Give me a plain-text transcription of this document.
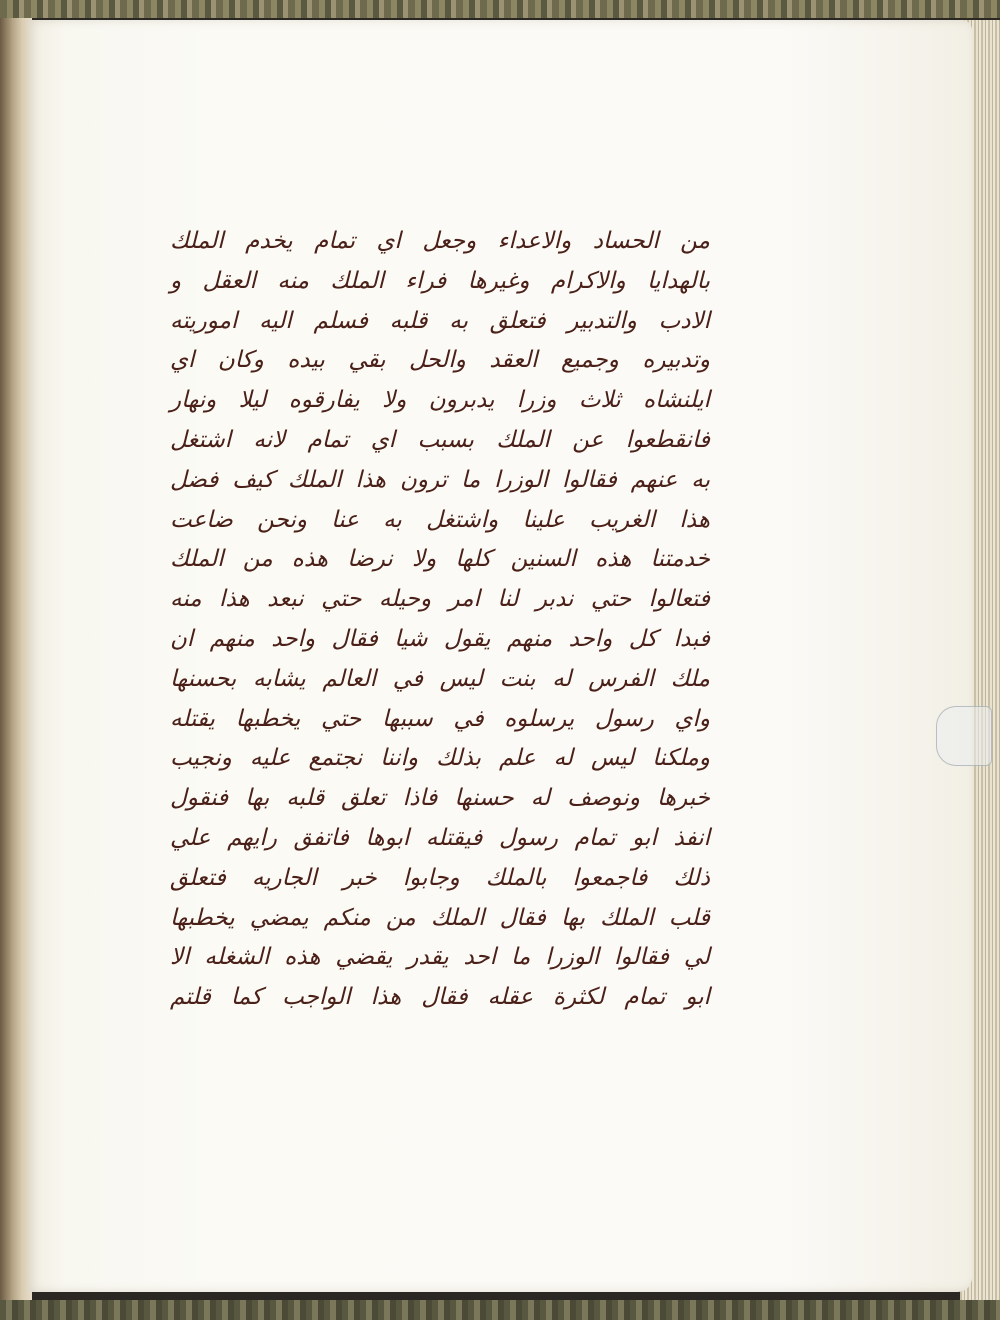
من الحساد والاعداء وجعل اي تمام يخدم الملك
بالهدايا والاكرام وغيرها فراء الملك منه العقل و
الادب والتدبير فتعلق به قلبه فسلم اليه اموريته
وتدبيره وجميع العقد والحل بقي بيده وكان اي
ايلنشاه ثلاث وزرا يدبرون ولا يفارقوه ليلا ونهار
فانقطعوا عن الملك بسبب اي تمام لانه اشتغل
به عنهم فقالوا الوزرا ما ترون هذا الملك كيف فضل
هذا الغريب علينا واشتغل به عنا ونحن ضاعت
خدمتنا هذه السنين كلها ولا نرضا هذه من الملك
فتعالوا حتي ندبر لنا امر وحيله حتي نبعد هذا منه
فبدا كل واحد منهم يقول شيا فقال واحد منهم ان
ملك الفرس له بنت ليس في العالم يشابه بحسنها
واي رسول يرسلوه في سببها حتي يخطبها يقتله
وملكنا ليس له علم بذلك واننا نجتمع عليه ونجيب
خبرها ونوصف له حسنها فاذا تعلق قلبه بها فنقول
انفذ ابو تمام رسول فيقتله ابوها فاتفق رايهم علي
ذلك فاجمعوا بالملك وجابوا خبر الجاريه فتعلق
قلب الملك بها فقال الملك من منكم يمضي يخطبها
لي فقالوا الوزرا ما احد يقدر يقضي هذه الشغله الا
ابو تمام لكثرة عقله فقال هذا الواجب كما قلتم
